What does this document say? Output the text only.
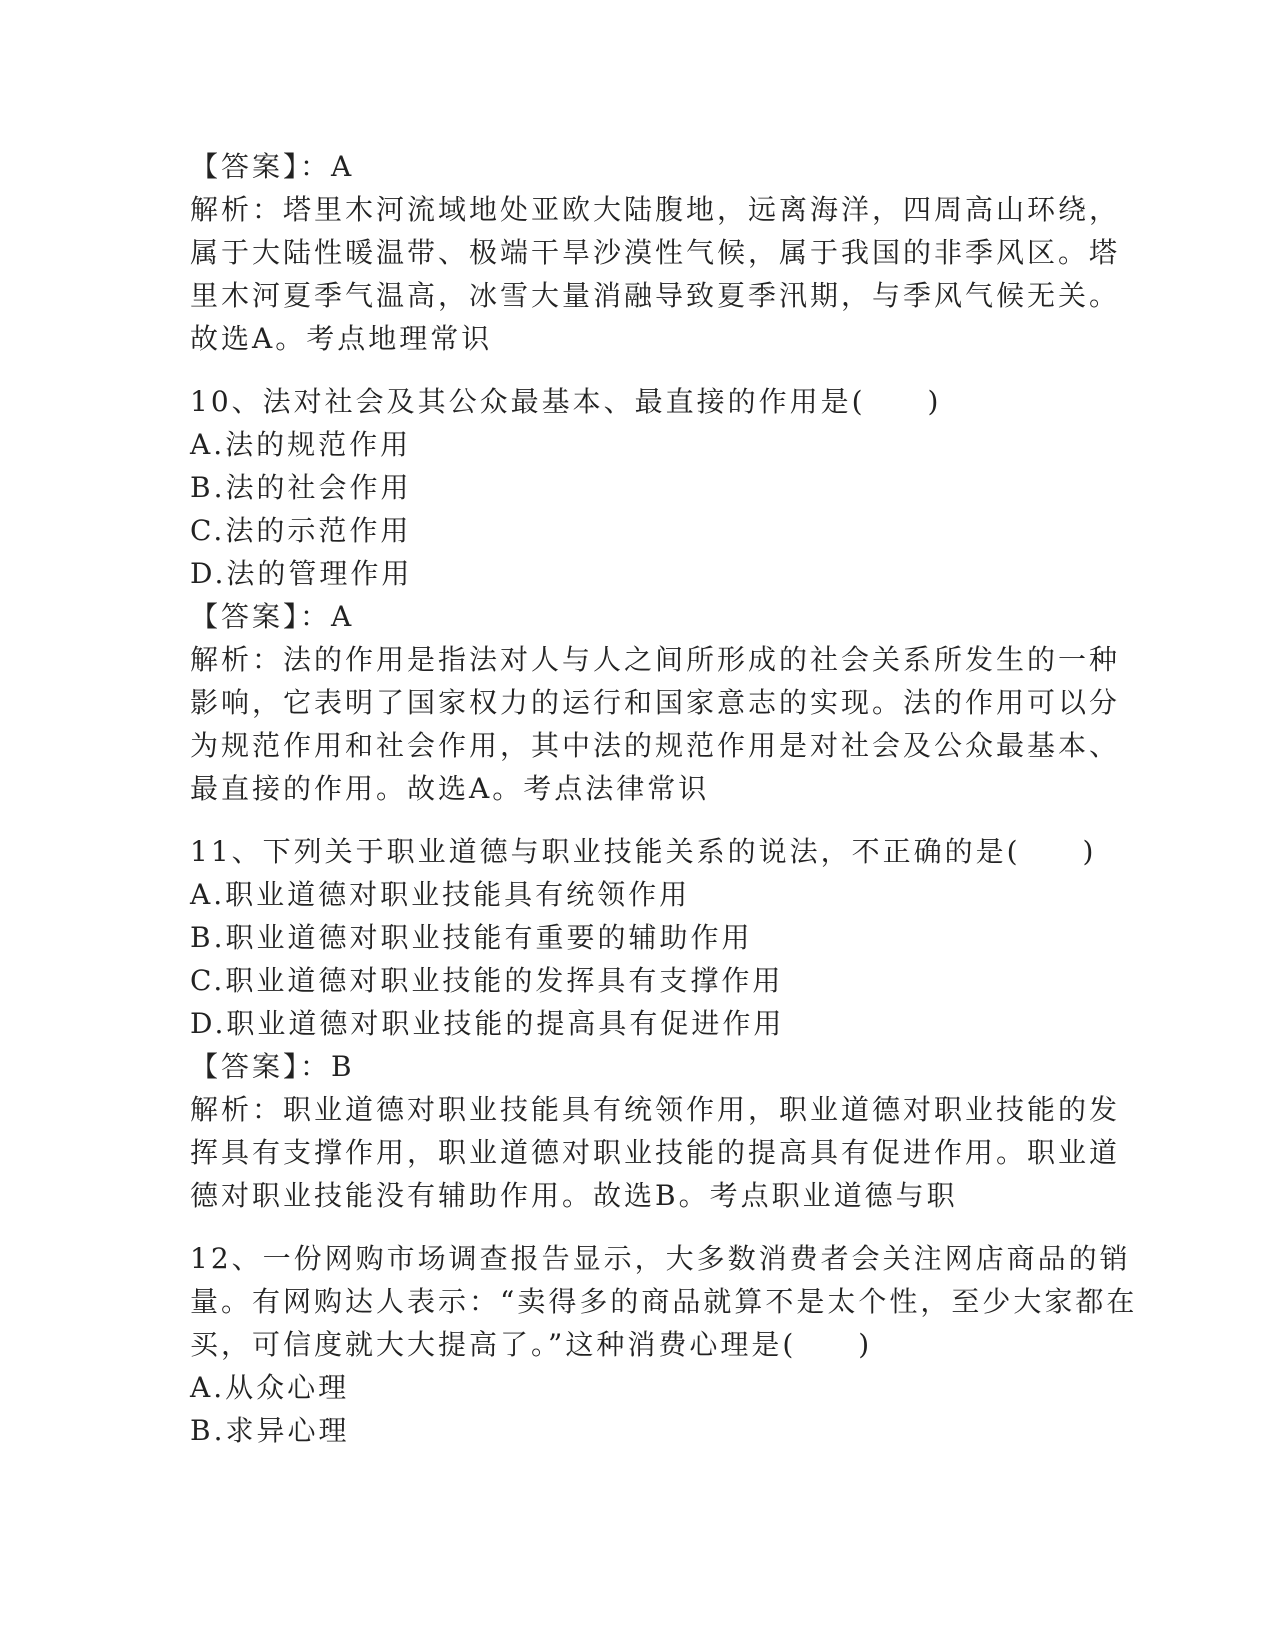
【答案】：A
解析：塔里木河流域地处亚欧大陆腹地，远离海洋，四周高山环绕，
属于大陆性暖温带、极端干旱沙漠性气候，属于我国的非季风区。塔
里木河夏季气温高，冰雪大量消融导致夏季汛期，与季风气候无关。
故选A。考点地理常识
10、法对社会及其公众最基本、最直接的作用是(　　)
A.法的规范作用
B.法的社会作用
C.法的示范作用
D.法的管理作用
【答案】：A
解析：法的作用是指法对人与人之间所形成的社会关系所发生的一种
影响，它表明了国家权力的运行和国家意志的实现。法的作用可以分
为规范作用和社会作用，其中法的规范作用是对社会及公众最基本、
最直接的作用。故选A。考点法律常识
11、下列关于职业道德与职业技能关系的说法，不正确的是(　　)
A.职业道德对职业技能具有统领作用
B.职业道德对职业技能有重要的辅助作用
C.职业道德对职业技能的发挥具有支撑作用
D.职业道德对职业技能的提高具有促进作用
【答案】：B
解析：职业道德对职业技能具有统领作用，职业道德对职业技能的发
挥具有支撑作用，职业道德对职业技能的提高具有促进作用。职业道
德对职业技能没有辅助作用。故选B。考点职业道德与职
12、一份网购市场调查报告显示，大多数消费者会关注网店商品的销
量。有网购达人表示：“卖得多的商品就算不是太个性，至少大家都在
买，可信度就大大提高了。”这种消费心理是(　　)
A.从众心理
B.求异心理
